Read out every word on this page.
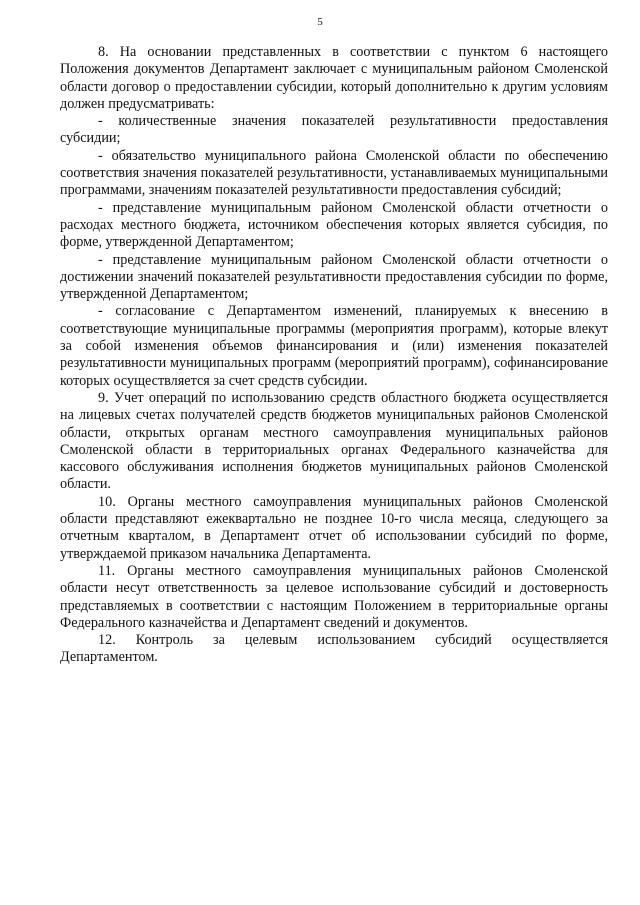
5

8. На основании представленных в соответствии с пунктом 6 настоящего Положения документов Департамент заключает с муниципальным районом Смоленской области договор о предоставлении субсидии, который дополнительно к другим условиям должен предусматривать:

- количественные значения показателей результативности предоставления субсидии;

- обязательство муниципального района Смоленской области по обеспечению соответствия значения показателей результативности, устанавливаемых муниципальными программами, значениям показателей результативности предоставления субсидий;

- представление муниципальным районом Смоленской области отчетности о расходах местного бюджета, источником обеспечения которых является субсидия, по форме, утвержденной Департаментом;

- представление муниципальным районом Смоленской области отчетности о достижении значений показателей результативности предоставления субсидии по форме, утвержденной Департаментом;

- согласование с Департаментом изменений, планируемых к внесению в соответствующие муниципальные программы (мероприятия программ), которые влекут за собой изменения объемов финансирования и (или) изменения показателей результативности муниципальных программ (мероприятий программ), софинансирование которых осуществляется за счет средств субсидии.

9. Учет операций по использованию средств областного бюджета осуществляется на лицевых счетах получателей средств бюджетов муниципальных районов Смоленской области, открытых органам местного самоуправления муниципальных районов Смоленской области в территориальных органах Федерального казначейства для кассового обслуживания исполнения бюджетов муниципальных районов Смоленской области.

10. Органы местного самоуправления муниципальных районов Смоленской области представляют ежеквартально не позднее 10-го числа месяца, следующего за отчетным кварталом, в Департамент отчет об использовании субсидий по форме, утверждаемой приказом начальника Департамента.

11. Органы местного самоуправления муниципальных районов Смоленской области несут ответственность за целевое использование субсидий и достоверность представляемых в соответствии с настоящим Положением в территориальные органы Федерального казначейства и Департамент сведений и документов.

12. Контроль за целевым использованием субсидий осуществляется Департаментом.
